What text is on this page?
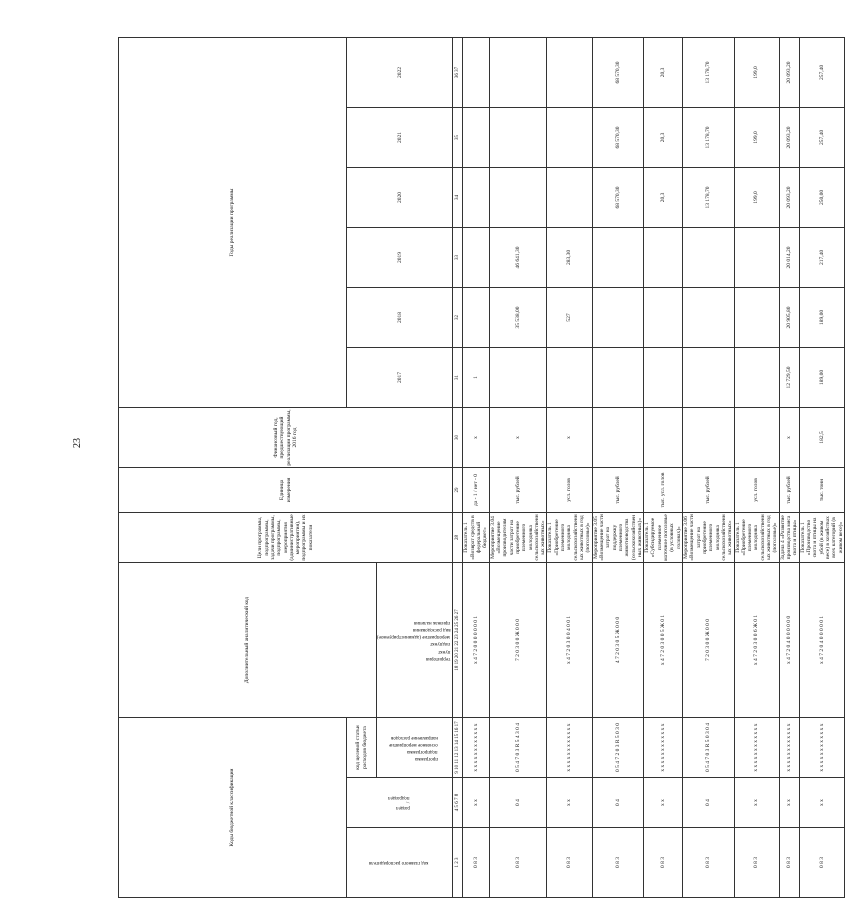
23
Коды бюджетной классификации			Дополнительный аналитический код	Цели программы, подпрограммы, задачи программы, подпрограммы, мероприятия (административные мероприятия), подпрограммы и их показатели	Единица измерения	Финансовый год, предшествующий реализации программы, 2016 год	Годы реализации программы	
код главного распорядителя	раздел / подраздел	код целевой статьи расходов бюджета					2017	2018	2019	2020	2021	2022	
		программа подпрограмма основное мероприятие направление расходов	территория пункт подпункт мероприятие (администрируемое) вид расходования признак наличия										
1 2 3	4 5 6 7 8	9 10 11 12 13 14 15 16 17	18 19 20 21 22 23 24 25 26 27	28	29	30	31	32	33	34	35	36 37	
0 8 3	x x	x x x x x x x x x x x x	x 4 7 2 0 0 0 0 0 0 0 1	Показатель 1 «Возврат средств в федеральный бюджет»	да - 1 / нет - 0	x	1						
0 8 3	0 4	0 5 4 7 0 3 R 5 4 3 0 4	7 2 0 3 0 0 Ж 0 0 0	Мероприятие 3.04 «Возмещение производителям части затрат на приобретение племенного молодняка сельскохозяйственных животных»	тыс. рублей	x		35 538,00	46 641,30				
0 8 3	x x	x x x x x x x x x x x x	x 4 7 2 0 3 0 0 4 0 0 1	Показатель 1 «Приобретение племенного молодняка сельскохозяйственных животных в год (поголовье)»	усл. голов	x		527	283,30				
0 8 3	0 4	0 5 4 7 2 0 3 R 5 0 3 0	4 7 2 0 3 0 5 Ж 0 0 0	Мероприятие 3.05 «Возмещение части затрат на поддержку племенного животноводства (сельскохозяйственных животных)»	тыс. рублей					68 570,30	68 570,30	68 570,30	
0 8 3	x x	x x x x x x x x x x x x	x 4 7 2 0 3 0 0 5 Ж 0 1	Показатель 1 «Субсидируемое племенное маточное поголовье (в условных головах)»	тыс. усл. голов					20,3	20,3	20,3	
0 8 3	0 4	0 5 4 7 0 3 R 5 0 3 0 4	7 2 0 3 0 0 Ж 0 0 0	Мероприятие 3.06 «Возмещение части затрат на приобретение племенного молодняка сельскохозяйственных животных»	тыс. рублей					13 178,70	13 178,70	13 178,70	
0 8 3	x x	x x x x x x x x x x x x	x 4 7 2 0 3 0 0 6 Ж 0 1	Показатель 1 «Приобретение племенного молодняка сельскохозяйственных животных в год (поголовье)»	усл. голов					199,0	199,0	199,0	
0 8 3	x x	x x x x x x x x x x x x	x 4 7 2 0 4 0 0 0 0 0 0	Задача 4 «Развитие производства мяса скота и птицы»	тыс. рублей	x	12 729,50	20 905,80	20 014,20	20 093,20	20 093,20	20 093,20	
0 8 3	x x	x x x x x x x x x x x x	x 4 7 2 0 4 0 0 0 0 0 1	Показатель 1 «Производство скота и птицы на убой (в живом весе) в хозяйствах всех категорий (в живом весе)»	тыс. тонн	182,5	189,00	189,00	217,40	250,00	257,40	257,40	
